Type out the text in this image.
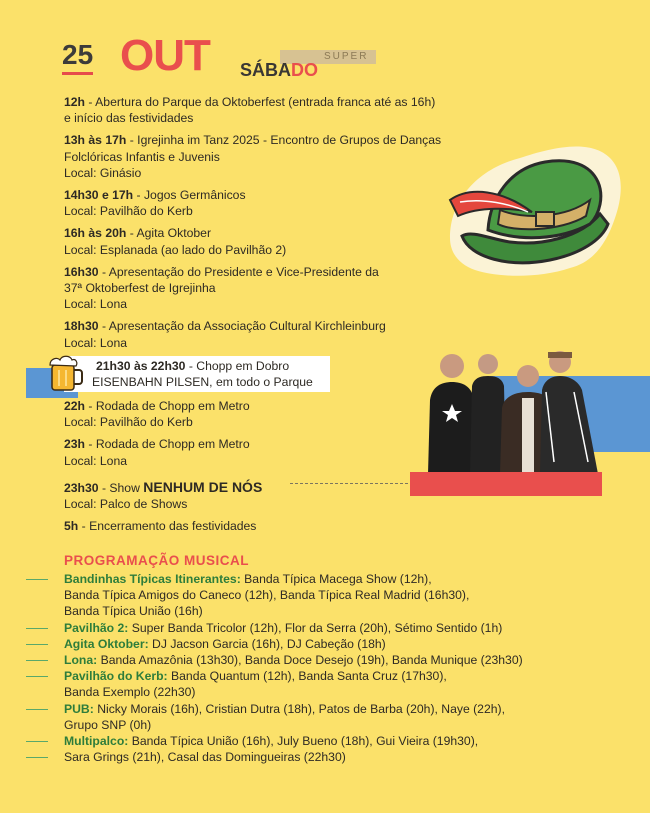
25 OUT	SUPER
SÁBADO
12h - Abertura do Parque da Oktoberfest (entrada franca até as 16h)
e início das festividades
13h às 17h - Igrejinha im Tanz 2025 - Encontro de Grupos de Danças
Folclóricas Infantis e Juvenis
Local: Ginásio
14h30 e 17h - Jogos Germânicos
Local: Pavilhão do Kerb
16h às 20h - Agita Oktober
Local: Esplanada (ao lado do Pavilhão 2)
16h30 - Apresentação do Presidente e Vice-Presidente da
37ª Oktoberfest de Igrejinha
Local: Lona
18h30 - Apresentação da Associação Cultural Kirchleinburg
Local: Lona
21h30 às 22h30 - Chopp em Dobro
EISENBAHN PILSEN, em todo o Parque
22h - Rodada de Chopp em Metro
Local: Pavilhão do Kerb
23h - Rodada de Chopp em Metro
Local: Lona
23h30 - Show NENHUM DE NÓS
Local: Palco de Shows
5h - Encerramento das festividades
PROGRAMAÇÃO MUSICAL
Bandinhas Típicas Itinerantes: Banda Típica Macega Show (12h),
Banda Típica Amigos do Caneco (12h), Banda Típica Real Madrid (16h30),
Banda Típica União (16h)
Pavilhão 2: Super Banda Tricolor (12h), Flor da Serra (20h), Sétimo Sentido (1h)
Agita Oktober: DJ Jacson Garcia (16h), DJ Cabeção (18h)
Lona: Banda Amazônia (13h30), Banda Doce Desejo (19h), Banda Munique (23h30)
Pavilhão do Kerb: Banda Quantum (12h), Banda Santa Cruz (17h30),
Banda Exemplo (22h30)
PUB: Nicky Morais (16h), Cristian Dutra (18h), Patos de Barba (20h), Naye (22h),
Grupo SNP (0h)
Multipalco: Banda Típica União (16h), July Bueno (18h), Gui Vieira (19h30),
Sara Grings (21h), Casal das Domingueiras (22h30)
